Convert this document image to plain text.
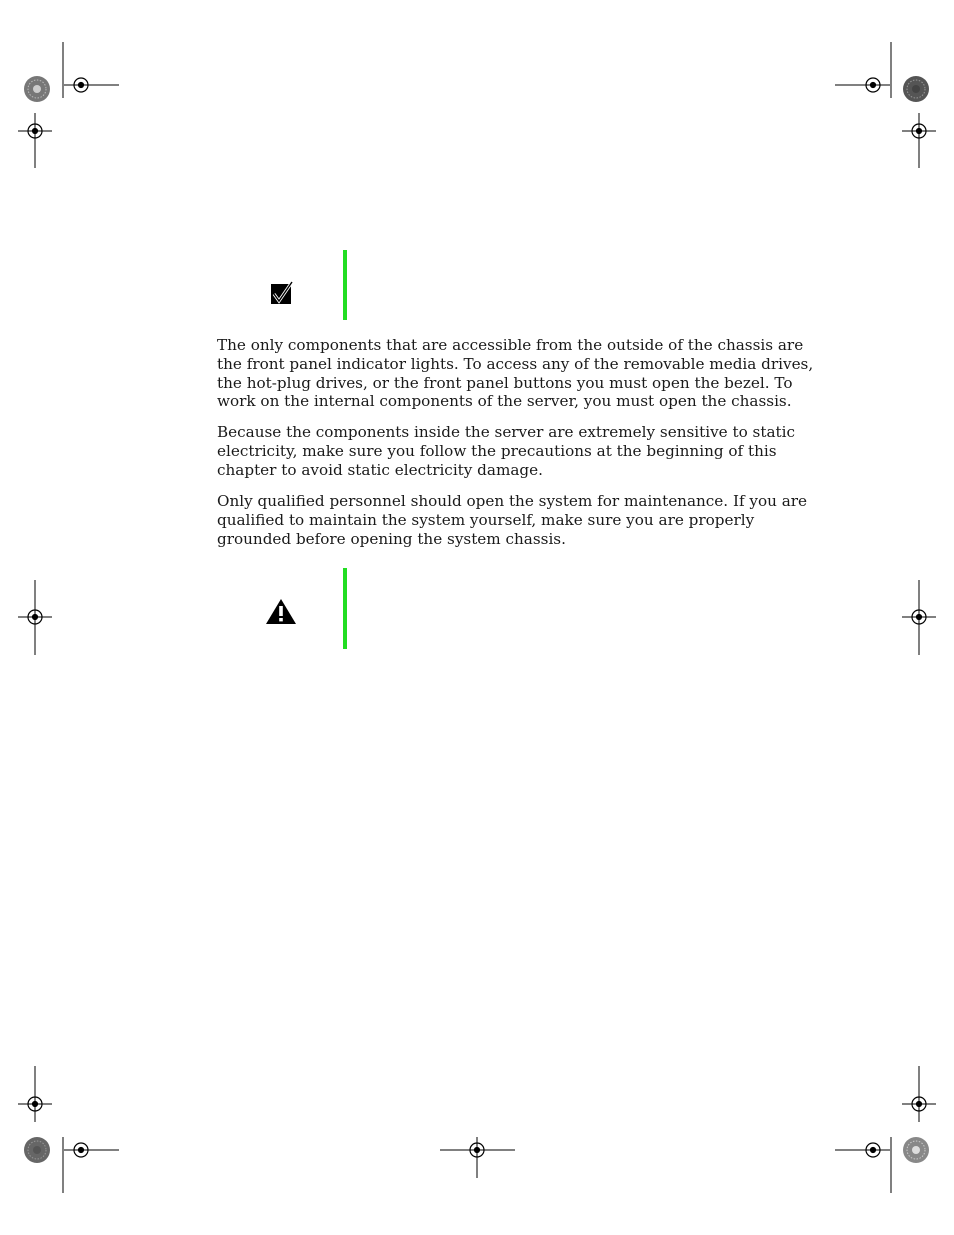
The only components that are accessible from the outside of the chassis are
the front panel indicator lights. To access any of the removable media drives,
the hot-plug drives, or the front panel buttons you must open the bezel. To
work on the internal components of the server, you must open the chassis.

Because the components inside the server are extremely sensitive to static
electricity, make sure you follow the precautions at the beginning of this
chapter to avoid static electricity damage.

Only qualified personnel should open the system for maintenance. If you are
qualified to maintain the system yourself, make sure you are properly
grounded before opening the system chassis.
